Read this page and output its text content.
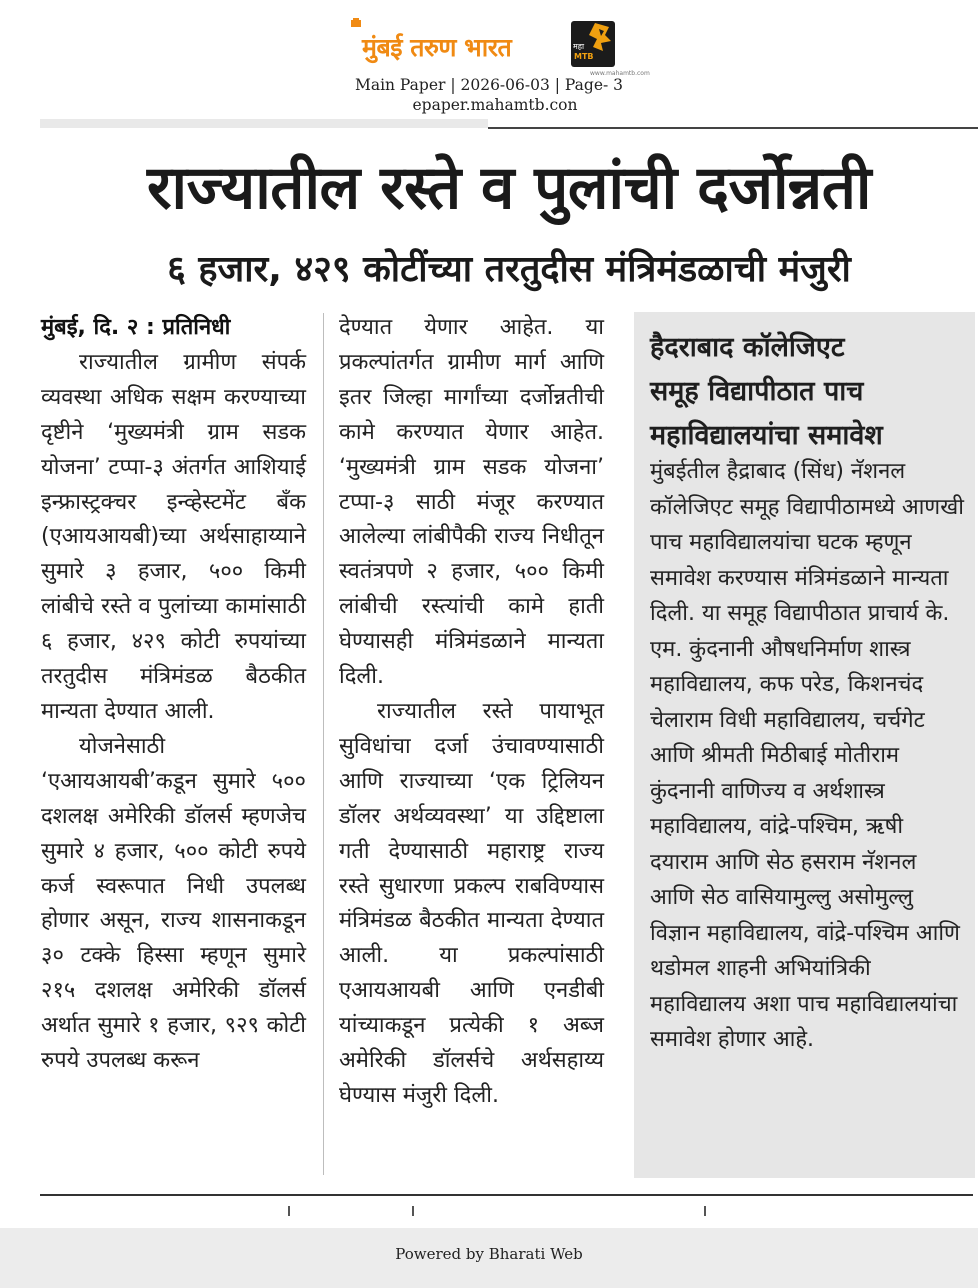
मुंबई तरुण भारत	महा
MTB
www.mahamtb.com
Main Paper | 2026-06-03 | Page- 3
epaper.mahamtb.con
राज्यातील रस्ते व पुलांची दर्जोन्नती
६ हजार, ४२९ कोटींच्या तरतुदीस मंत्रिमंडळाची मंजुरी

मुंबई, दि. २ : प्रतिनिधी

राज्यातील ग्रामीण संपर्क व्यवस्था अधिक सक्षम करण्याच्या दृष्टीने ‘मुख्यमंत्री ग्राम सडक योजना’ टप्पा-३ अंतर्गत आशियाई इन्फ्रास्ट्रक्चर इन्व्हेस्टमेंट बँक (एआयआयबी)च्या अर्थसाहाय्याने सुमारे ३ हजार, ५०० किमी लांबीचे रस्ते व पुलांच्या कामांसाठी ६ हजार, ४२९ कोटी रुपयांच्या तरतुदीस मंत्रिमंडळ बैठकीत मान्यता देण्यात आली.

योजनेसाठी ‘एआयआयबी’कडून सुमारे ५०० दशलक्ष अमेरिकी डॉलर्स म्हणजेच सुमारे ४ हजार, ५०० कोटी रुपये कर्ज स्वरूपात निधी उपलब्ध होणार असून, राज्य शासनाकडून ३० टक्के हिस्सा म्हणून सुमारे २१५ दशलक्ष अमेरिकी डॉलर्स अर्थात सुमारे १ हजार, ९२९ कोटी रुपये उपलब्ध करून

देण्यात येणार आहेत. या प्रकल्पांतर्गत ग्रामीण मार्ग आणि इतर जिल्हा मार्गांच्या दर्जोन्नतीची कामे करण्यात येणार आहेत. ‘मुख्यमंत्री ग्राम सडक योजना’ टप्पा-३ साठी मंजूर करण्यात आलेल्या लांबीपैकी राज्य निधीतून स्वतंत्रपणे २ हजार, ५०० किमी लांबीची रस्त्यांची कामे हाती घेण्यासही मंत्रिमंडळाने मान्यता दिली.

राज्यातील रस्ते पायाभूत सुविधांचा दर्जा उंचावण्यासाठी आणि राज्याच्या ‘एक ट्रिलियन डॉलर अर्थव्यवस्था’ या उद्दिष्टाला गती देण्यासाठी महाराष्ट्र राज्य रस्ते सुधारणा प्रकल्प राबविण्यास मंत्रिमंडळ बैठकीत मान्यता देण्यात आली. या प्रकल्पांसाठी एआयआयबी आणि एनडीबी यांच्याकडून प्रत्येकी १ अब्ज अमेरिकी डॉलर्सचे अर्थसहाय्य घेण्यास मंजुरी दिली.

हैदराबाद कॉलेजिएट
समूह विद्यापीठात पाच
महाविद्यालयांचा समावेश

मुंबईतील हैद्राबाद (सिंध) नॅशनल कॉलेजिएट समूह विद्यापीठामध्ये आणखी पाच महाविद्यालयांचा घटक म्हणून समावेश करण्यास मंत्रिमंडळाने मान्यता दिली. या समूह विद्यापीठात प्राचार्य के. एम. कुंदनानी औषधनिर्माण शास्त्र महाविद्यालय, कफ परेड, किशनचंद चेलाराम विधी महाविद्यालय, चर्चगेट आणि श्रीमती मिठीबाई मोतीराम कुंदनानी वाणिज्य व अर्थशास्त्र महाविद्यालय, वांद्रे-पश्चिम, ऋषी दयाराम आणि सेठ हसराम नॅशनल आणि सेठ वासियामुल्लु असोमुल्लु विज्ञान महाविद्यालय, वांद्रे-पश्चिम आणि थडोमल शाहनी अभियांत्रिकी महाविद्यालय अशा पाच महाविद्यालयांचा समावेश होणार आहे.

Powered by Bharati Web
